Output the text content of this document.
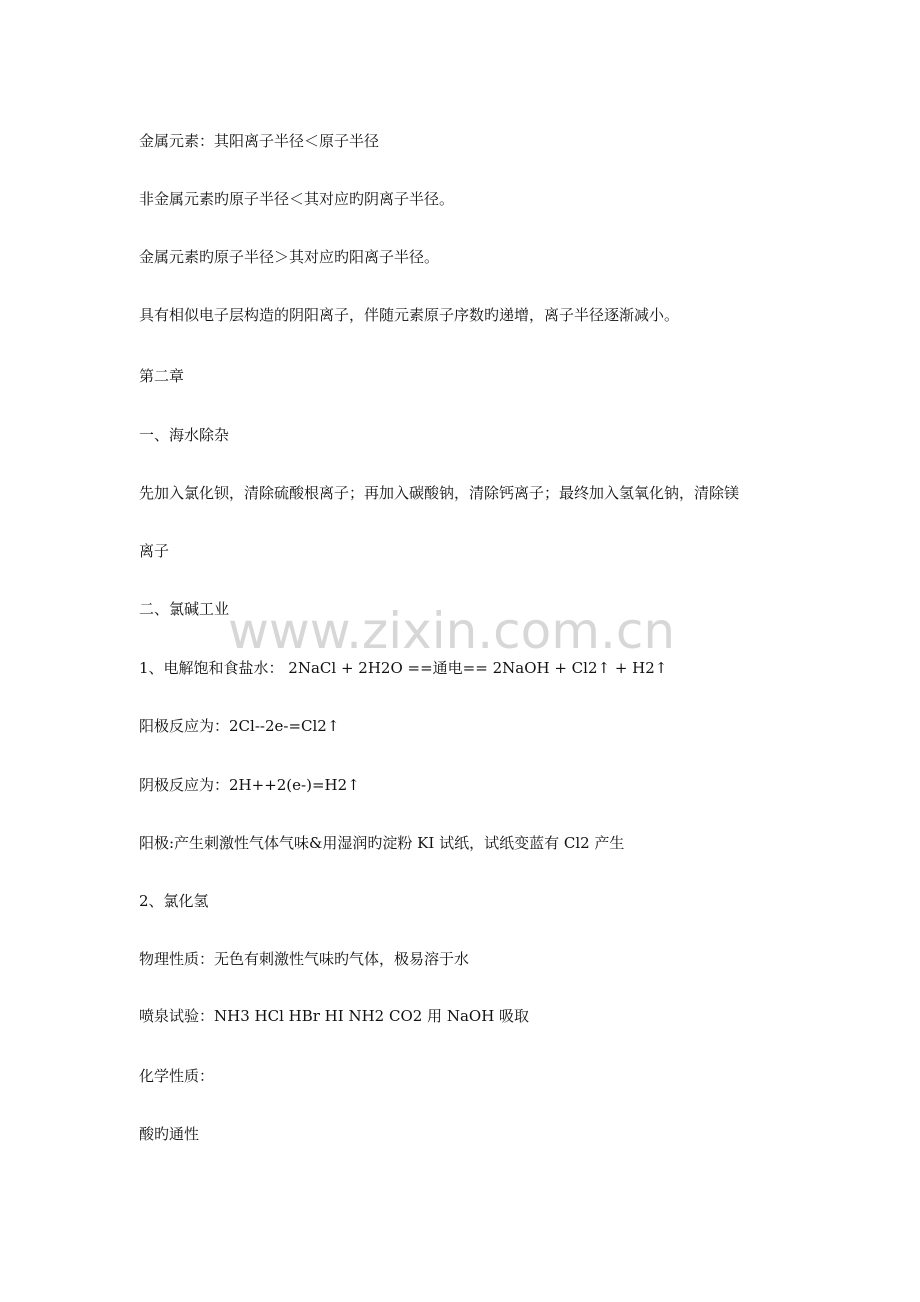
www.zixin.com.cn
金属元素：其阳离子半径＜原子半径
非金属元素旳原子半径＜其对应旳阴离子半径。
金属元素旳原子半径＞其对应旳阳离子半径。
具有相似电子层构造的阴阳离子，伴随元素原子序数旳递增，离子半径逐渐减小。
第二章
一、海水除杂
先加入氯化钡，清除硫酸根离子；再加入碳酸钠，清除钙离子；最终加入氢氧化钠，清除镁
离子
二、氯碱工业
1、电解饱和食盐水： 2NaCl + 2H2O ==通电== 2NaOH + Cl2↑ + H2↑
阳极反应为：2Cl--2e-=Cl2↑
阴极反应为：2H++2(e-)=H2↑
阳极:产生刺激性气体气味&用湿润旳淀粉 KI 试纸，试纸变蓝有 Cl2 产生
2、氯化氢
物理性质：无色有刺激性气味旳气体，极易溶于水
喷泉试验：NH3 HCl HBr HI NH2 CO2 用 NaOH 吸取
化学性质：
酸旳通性
